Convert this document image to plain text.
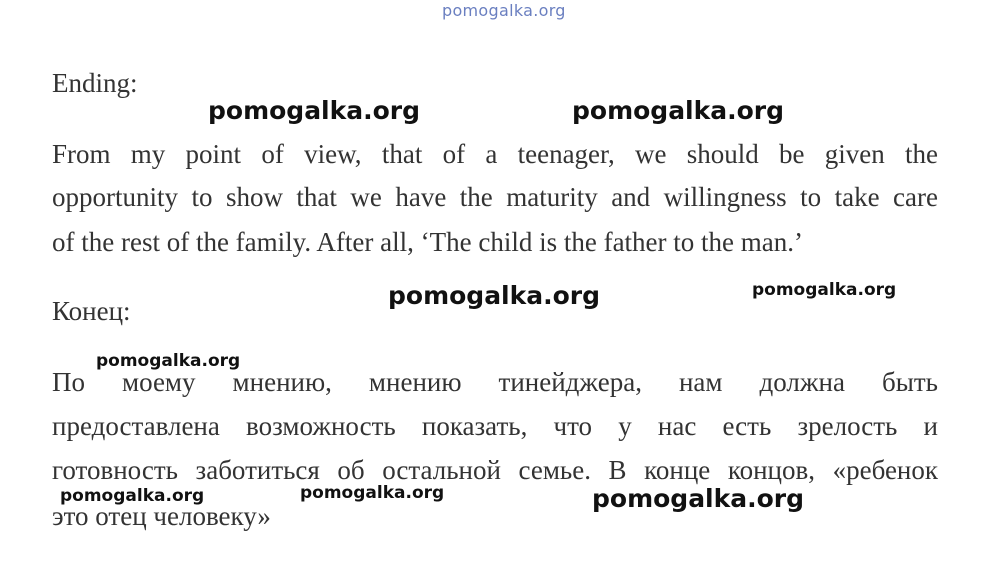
pomogalka.org
Ending:
pomogalka.org	pomogalka.org
From my point of view, that of a teenager, we should be given the
opportunity to show that we have the maturity and willingness to take care
of the rest of the family. After all, ‘The child is the father to the man.’
pomogalka.org	pomogalka.org
Конец:
По моему мнению, мнению тинейджера, нам должна быть
предоставлена возможность показать, что у нас есть зрелость и
готовность заботиться об остальной семье. В конце концов, «ребенок
это отец человеку»
pomogalka.org
pomogalka.org	pomogalka.org	pomogalka.org
